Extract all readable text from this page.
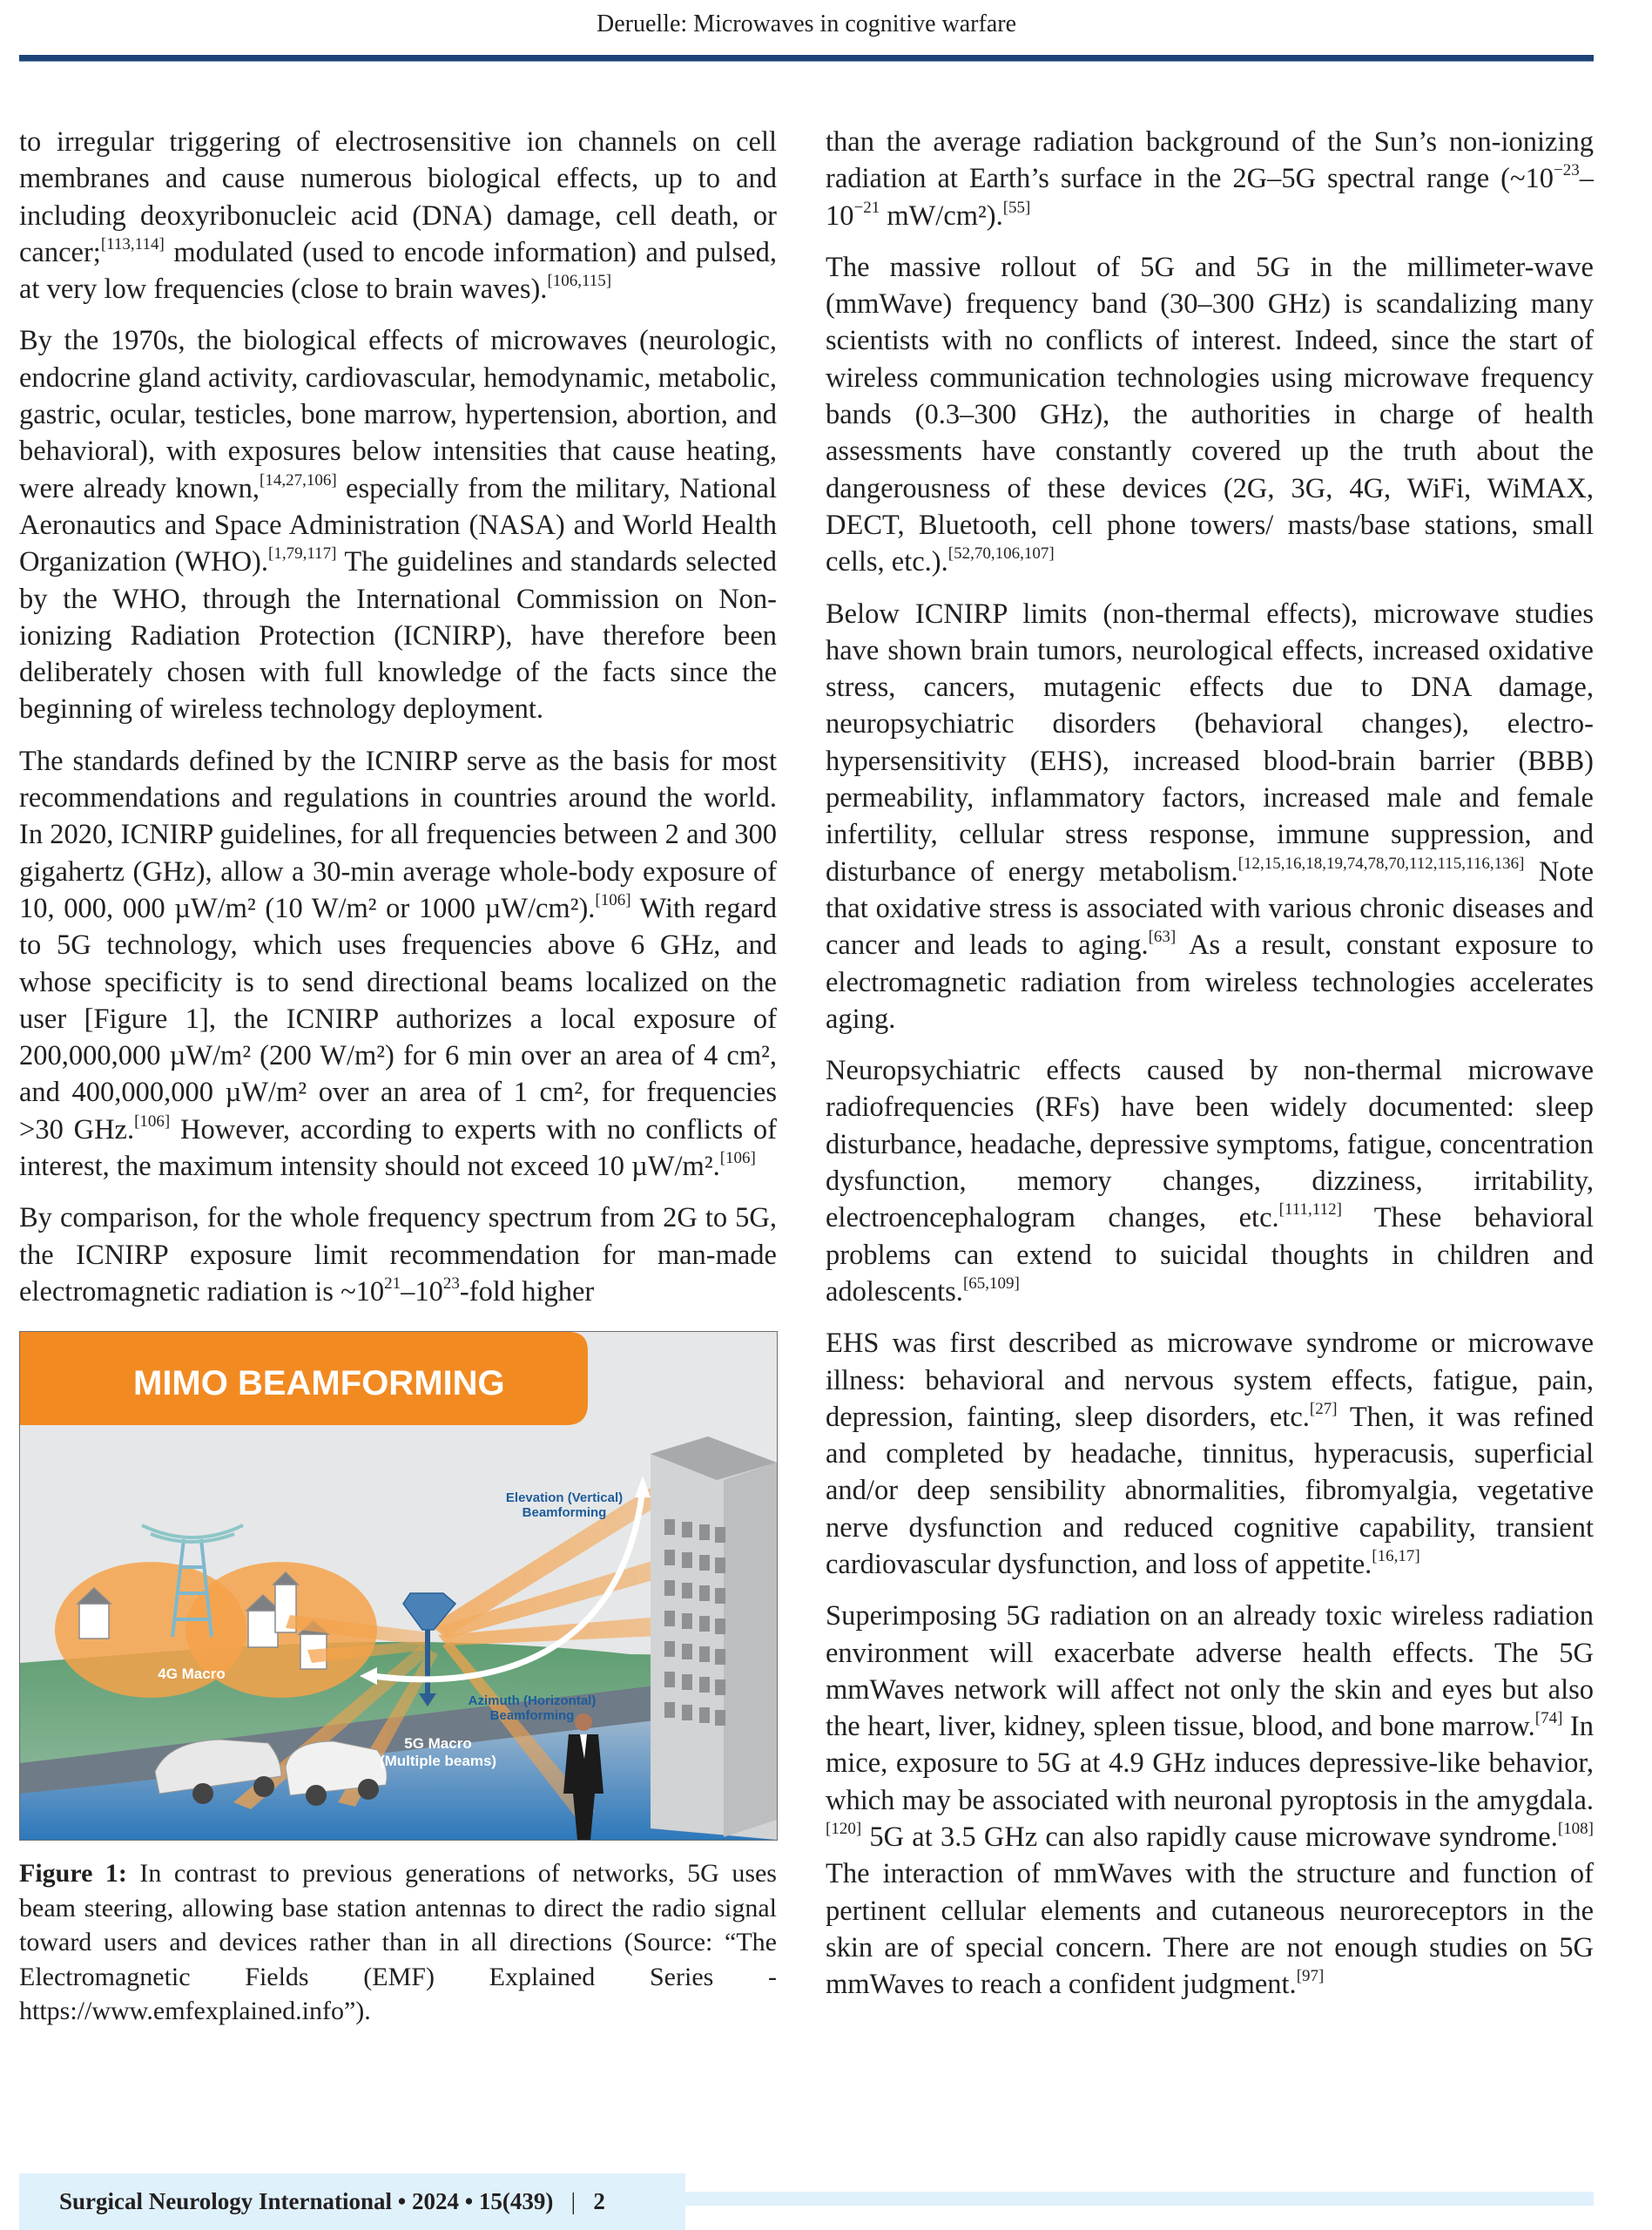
Deruelle: Microwaves in cognitive warfare

to irregular triggering of electrosensitive ion channels on cell membranes and cause numerous biological effects, up to and including deoxyribonucleic acid (DNA) damage, cell death, or cancer;[113,114] modulated (used to encode information) and pulsed, at very low frequencies (close to brain waves).[106,115]

By the 1970s, the biological effects of microwaves (neurologic, endocrine gland activity, cardiovascular, hemodynamic, metabolic, gastric, ocular, testicles, bone marrow, hypertension, abortion, and behavioral), with exposures below intensities that cause heating, were already known,[14,27,106] especially from the military, National Aeronautics and Space Administration (NASA) and World Health Organization (WHO).[1,79,117] The guidelines and standards selected by the WHO, through the International Commission on Non-ionizing Radiation Protection (ICNIRP), have therefore been deliberately chosen with full knowledge of the facts since the beginning of wireless technology deployment.

The standards defined by the ICNIRP serve as the basis for most recommendations and regulations in countries around the world. In 2020, ICNIRP guidelines, for all frequencies between 2 and 300 gigahertz (GHz), allow a 30-min average whole-body exposure of 10, 000, 000 µW/m² (10 W/m² or 1000 µW/cm²).[106] With regard to 5G technology, which uses frequencies above 6 GHz, and whose specificity is to send directional beams localized on the user [Figure 1], the ICNIRP authorizes a local exposure of 200,000,000 µW/m² (200 W/m²) for 6 min over an area of 4 cm², and 400,000,000 µW/m² over an area of 1 cm², for frequencies >30 GHz.[106] However, according to experts with no conflicts of interest, the maximum intensity should not exceed 10 µW/m².[106]

By comparison, for the whole frequency spectrum from 2G to 5G, the ICNIRP exposure limit recommendation for man-made electromagnetic radiation is $\sim 10^{21}-10^{23}$-fold higher

MIMO BEAMFORMING
Elevation (Vertical)
Beamforming
4G Macro
Azimuth (Horizontal)
Beamforming
5G Macro
(Multiple beams)
Figure 1: In contrast to previous generations of networks, 5G uses beam steering, allowing base station antennas to direct the radio signal toward users and devices rather than in all directions (Source: “The Electromagnetic Fields (EMF) Explained Series - https://www.emfexplained.info”).

than the average radiation background of the Sun’s non-ionizing radiation at Earth’s surface in the 2G–5G spectral range ($\sim 10^{-23}-10^{-21}$ mW/cm²).[55]

The massive rollout of 5G and 5G in the millimeter-wave (mmWave) frequency band (30–300 GHz) is scandalizing many scientists with no conflicts of interest. Indeed, since the start of wireless communication technologies using microwave frequency bands (0.3–300 GHz), the authorities in charge of health assessments have constantly covered up the truth about the dangerousness of these devices (2G, 3G, 4G, WiFi, WiMAX, DECT, Bluetooth, cell phone towers/ masts/base stations, small cells, etc.).[52,70,106,107]

Below ICNIRP limits (non-thermal effects), microwave studies have shown brain tumors, neurological effects, increased oxidative stress, cancers, mutagenic effects due to DNA damage, neuropsychiatric disorders (behavioral changes), electro-hypersensitivity (EHS), increased blood-brain barrier (BBB) permeability, inflammatory factors, increased male and female infertility, cellular stress response, immune suppression, and disturbance of energy metabolism.[12,15,16,18,19,74,78,70,112,115,116,136] Note that oxidative stress is associated with various chronic diseases and cancer and leads to aging.[63] As a result, constant exposure to electromagnetic radiation from wireless technologies accelerates aging.

Neuropsychiatric effects caused by non-thermal microwave radiofrequencies (RFs) have been widely documented: sleep disturbance, headache, depressive symptoms, fatigue, concentration dysfunction, memory changes, dizziness, irritability, electroencephalogram changes, etc.[111,112] These behavioral problems can extend to suicidal thoughts in children and adolescents.[65,109]

EHS was first described as microwave syndrome or microwave illness: behavioral and nervous system effects, fatigue, pain, depression, fainting, sleep disorders, etc.[27] Then, it was refined and completed by headache, tinnitus, hyperacusis, superficial and/or deep sensibility abnormalities, fibromyalgia, vegetative nerve dysfunction and reduced cognitive capability, transient cardiovascular dysfunction, and loss of appetite.[16,17]

Superimposing 5G radiation on an already toxic wireless radiation environment will exacerbate adverse health effects. The 5G mmWaves network will affect not only the skin and eyes but also the heart, liver, kidney, spleen tissue, blood, and bone marrow.[74] In mice, exposure to 5G at 4.9 GHz induces depressive-like behavior, which may be associated with neuronal pyroptosis in the amygdala.[120] 5G at 3.5 GHz can also rapidly cause microwave syndrome.[108] The interaction of mmWaves with the structure and function of pertinent cellular elements and cutaneous neuroreceptors in the skin are of special concern. There are not enough studies on 5G mmWaves to reach a confident judgment.[97]

Surgical Neurology International • 2024 • 15(439) | 2
